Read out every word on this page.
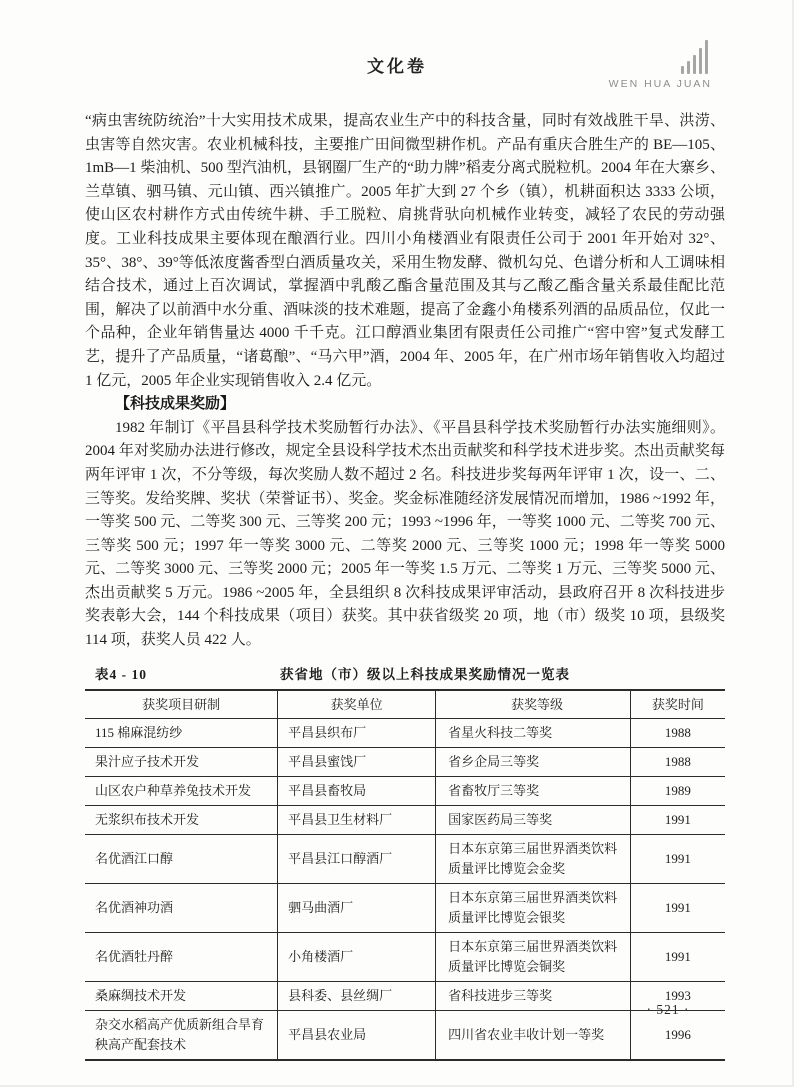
文化卷
WEN HUA JUAN

“病虫害统防统治”十大实用技术成果，提高农业生产中的科技含量，同时有效战胜干旱、洪涝、虫害等自然灾害。农业机械科技，主要推广田间微型耕作机。产品有重庆合胜生产的 BE—105、1mB—1 柴油机、500 型汽油机，县钢圈厂生产的“助力牌”稻麦分离式脱粒机。2004 年在大寨乡、兰草镇、驷马镇、元山镇、西兴镇推广。2005 年扩大到 27 个乡（镇），机耕面积达 3333 公顷，使山区农村耕作方式由传统牛耕、手工脱粒、肩挑背驮向机械作业转变，减轻了农民的劳动强度。工业科技成果主要体现在酿酒行业。四川小角楼酒业有限责任公司于 2001 年开始对 32°、35°、38°、39°等低浓度酱香型白酒质量攻关，采用生物发酵、微机勾兑、色谱分析和人工调味相结合技术，通过上百次调试，掌握酒中乳酸乙酯含量范围及其与乙酸乙酯含量关系最佳配比范围，解决了以前酒中水分重、酒味淡的技术难题，提高了金鑫小角楼系列酒的品质品位，仅此一个品种，企业年销售量达 4000 千千克。江口醇酒业集团有限责任公司推广“窖中窖”复式发酵工艺，提升了产品质量，“诸葛酿”、“马六甲”酒，2004 年、2005 年，在广州市场年销售收入均超过 1 亿元，2005 年企业实现销售收入 2.4 亿元。

【科技成果奖励】

1982 年制订《平昌县科学技术奖励暂行办法》、《平昌县科学技术奖励暂行办法实施细则》。2004 年对奖励办法进行修改，规定全县设科学技术杰出贡献奖和科学技术进步奖。杰出贡献奖每两年评审 1 次，不分等级，每次奖励人数不超过 2 名。科技进步奖每两年评审 1 次，设一、二、三等奖。发给奖牌、奖状（荣誉证书）、奖金。奖金标准随经济发展情况而增加，1986 ~1992 年，一等奖 500 元、二等奖 300 元、三等奖 200 元；1993 ~1996 年，一等奖 1000 元、二等奖 700 元、三等奖 500 元；1997 年一等奖 3000 元、二等奖 2000 元、三等奖 1000 元；1998 年一等奖 5000 元、二等奖 3000 元、三等奖 2000 元；2005 年一等奖 1.5 万元、二等奖 1 万元、三等奖 5000 元、杰出贡献奖 5 万元。1986 ~2005 年，全县组织 8 次科技成果评审活动，县政府召开 8 次科技进步奖表彰大会，144 个科技成果（项目）获奖。其中获省级奖 20 项，地（市）级奖 10 项，县级奖 114 项，获奖人员 422 人。

表4 - 10	获省地（市）级以上科技成果奖励情况一览表
获奖项目研制	获奖单位	获奖等级	获奖时间
115 棉麻混纺纱	平昌县织布厂	省星火科技二等奖	1988
果汁应子技术开发	平昌县蜜饯厂	省乡企局三等奖	1988
山区农户种草养兔技术开发	平昌县畜牧局	省畜牧厅三等奖	1989
无浆织布技术开发	平昌县卫生材料厂	国家医药局三等奖	1991
名优酒江口醇	平昌县江口醇酒厂	日本东京第三届世界酒类饮料质量评比博览会金奖	1991
名优酒神功酒	驷马曲酒厂	日本东京第三届世界酒类饮料质量评比博览会银奖	1991
名优酒牡丹醉	小角楼酒厂	日本东京第三届世界酒类饮料质量评比博览会铜奖	1991
桑麻绸技术开发	县科委、县丝绸厂	省科技进步三等奖	1993
杂交水稻高产优质新组合旱育秧高产配套技术	平昌县农业局	四川省农业丰收计划一等奖	1996
· 521 ·
